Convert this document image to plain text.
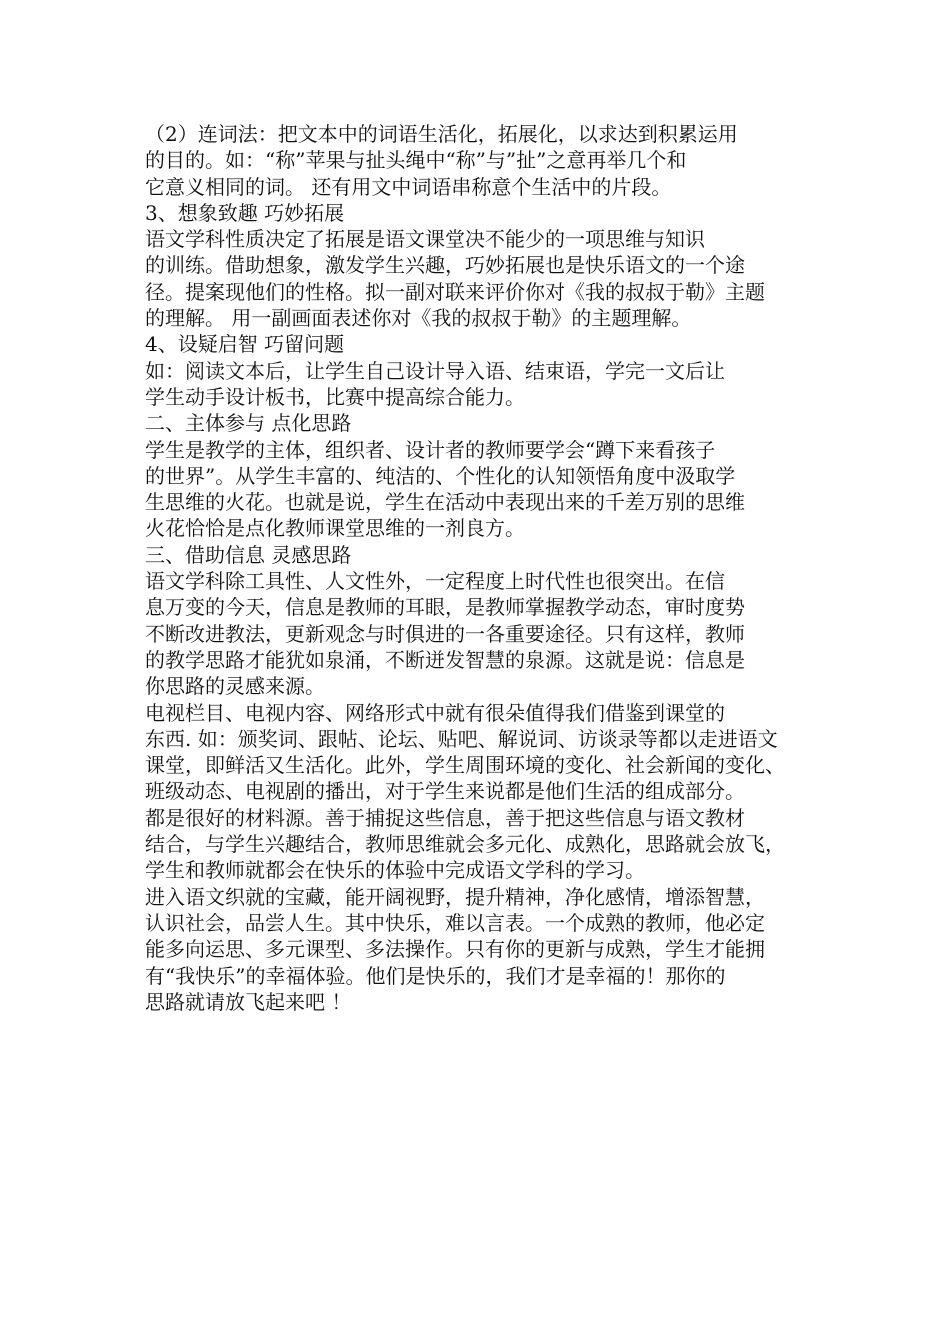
（2）连词法：把文本中的词语生活化，拓展化，以求达到积累运用
的目的。如：“称”苹果与扯头绳中“称”与”扯”之意再举几个和
它意义相同的词。 还有用文中词语串称意个生活中的片段。
3、想象致趣 巧妙拓展
语文学科性质决定了拓展是语文课堂决不能少的一项思维与知识
的训练。借助想象，激发学生兴趣，巧妙拓展也是快乐语文的一个途
径。提案现他们的性格。拟一副对联来评价你对《我的叔叔于勒》主题
的理解。 用一副画面表述你对《我的叔叔于勒》的主题理解。
4、设疑启智 巧留问题
如：阅读文本后，让学生自己设计导入语、结束语，学完一文后让
学生动手设计板书，比赛中提高综合能力。
二、主体参与 点化思路
学生是教学的主体，组织者、设计者的教师要学会“蹲下来看孩子
的世界”。从学生丰富的、纯洁的、个性化的认知领悟角度中汲取学
生思维的火花。也就是说，学生在活动中表现出来的千差万别的思维
火花恰恰是点化教师课堂思维的一剂良方。
三、借助信息 灵感思路
语文学科除工具性、人文性外，一定程度上时代性也很突出。在信
息万变的今天，信息是教师的耳眼，是教师掌握教学动态，审时度势
不断改进教法，更新观念与时俱进的一各重要途径。只有这样，教师
的教学思路才能犹如泉涌，不断迸发智慧的泉源。这就是说：信息是
你思路的灵感来源。
电视栏目、电视内容、网络形式中就有很朵值得我们借鉴到课堂的
东西. 如：颁奖词、跟帖、论坛、贴吧、解说词、访谈录等都以走进语文
课堂，即鲜活又生活化。此外，学生周围环境的变化、社会新闻的变化、
班级动态、电视剧的播出，对于学生来说都是他们生活的组成部分。
都是很好的材料源。善于捕捉这些信息，善于把这些信息与语文教材
结合，与学生兴趣结合，教师思维就会多元化、成熟化，思路就会放飞，
学生和教师就都会在快乐的体验中完成语文学科的学习。
进入语文织就的宝藏，能开阔视野，提升精神，净化感情，增添智慧，
认识社会，品尝人生。其中快乐，难以言表。一个成熟的教师，他必定
能多向运思、多元课型、多法操作。只有你的更新与成熟，学生才能拥
有“我快乐”的幸福体验。他们是快乐的，我们才是幸福的！那你的
思路就请放飞起来吧 ！
